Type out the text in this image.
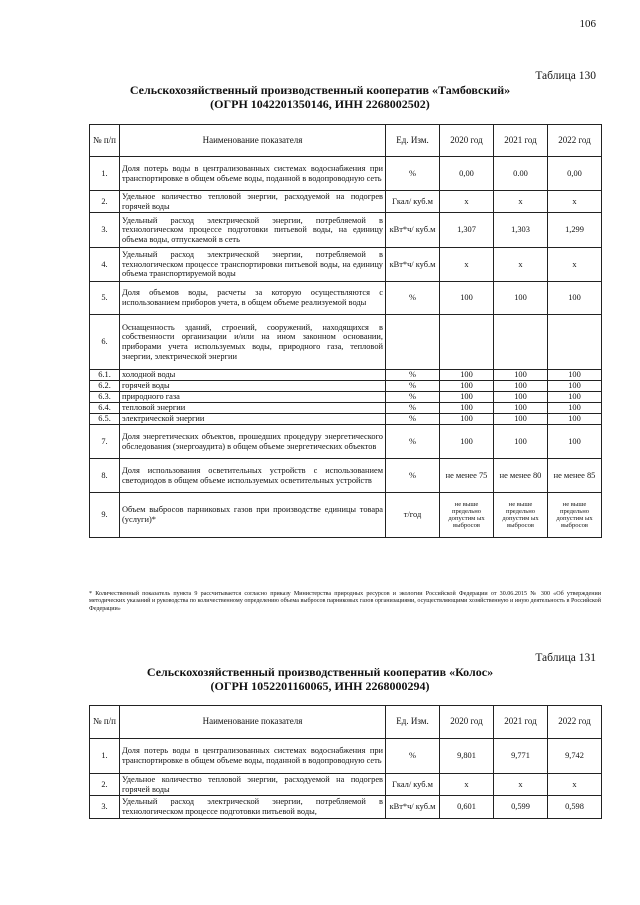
106
Таблица 130
Сельскохозяйственный производственный кооператив «Тамбовский»
(ОГРН 1042201350146, ИНН 2268002502)
№ п/п	Наименование показателя	Ед. Изм.	2020 год	2021 год	2022 год
1.	Доля потерь воды в централизованных системах водоснабжения при транспортировке в общем объеме воды, поданной в водопроводную сеть	%	0,00	0.00	0,00
2.	Удельное количество тепловой энергии, расходуемой на подогрев горячей воды	Гкал/ куб.м	х	х	х
3.	Удельный расход электрической энергии, потребляемой в технологическом процессе подготовки питьевой воды, на единицу объема воды, отпускаемой в сеть	кВт*ч/ куб.м	1,307	1,303	1,299
4.	Удельный расход электрической энергии, потребляемой в технологическом процессе транспортировки питьевой воды, на единицу объема транспортируемой воды	кВт*ч/ куб.м	х	х	х
5.	Доля объемов воды, расчеты за которую осуществляются с использованием приборов учета, в общем объеме реализуемой воды	%	100	100	100
6.	Оснащенность зданий, строений, сооружений, находящихся в собственности организации и/или на ином законном основании, приборами учета используемых воды, природного газа, тепловой энергии, электрической энергии				
6.1.	холодной воды	%	100	100	100
6.2.	горячей воды	%	100	100	100
6.3.	природного газа	%	100	100	100
6.4.	тепловой энергии	%	100	100	100
6.5.	электрической энергии	%	100	100	100
7.	Доля энергетических объектов, прошедших процедуру энергетического обследования (энергоаудита) в общем объеме энергетических объектов	%	100	100	100
8.	Доля использования осветительных устройств с использованием светодиодов в общем объеме используемых осветительных устройств	%	не менее 75	не менее 80	не менее 85
9.	Объем выбросов парниковых газов при производстве единицы товара (услуги)*	т/год	не выше предельно допустим ых выбросов	не выше предельно допустим ых выбросов	не выше предельно допустим ых выбросов
* Количественный показатель пункта 9 рассчитывается согласно приказу Министерства природных ресурсов и экологии Российской Федерации от 30.06.2015 № 300 «Об утверждении методических указаний и руководства по количественному определению объема выбросов парниковых газов организациями, осуществляющими хозяйственную и иную деятельность в Российской Федерации»
Таблица 131
Сельскохозяйственный производственный кооператив «Колос»
(ОГРН 1052201160065, ИНН 2268000294)
№ п/п	Наименование показателя	Ед. Изм.	2020 год	2021 год	2022 год
1.	Доля потерь воды в централизованных системах водоснабжения при транспортировке в общем объеме воды, поданной в водопроводную сеть	%	9,801	9,771	9,742
2.	Удельное количество тепловой энергии, расходуемой на подогрев горячей воды	Гкал/ куб.м	х	х	х
3.	Удельный расход электрической энергии, потребляемой в технологическом процессе подготовки питьевой воды,	кВт*ч/ куб.м	0,601	0,599	0,598
